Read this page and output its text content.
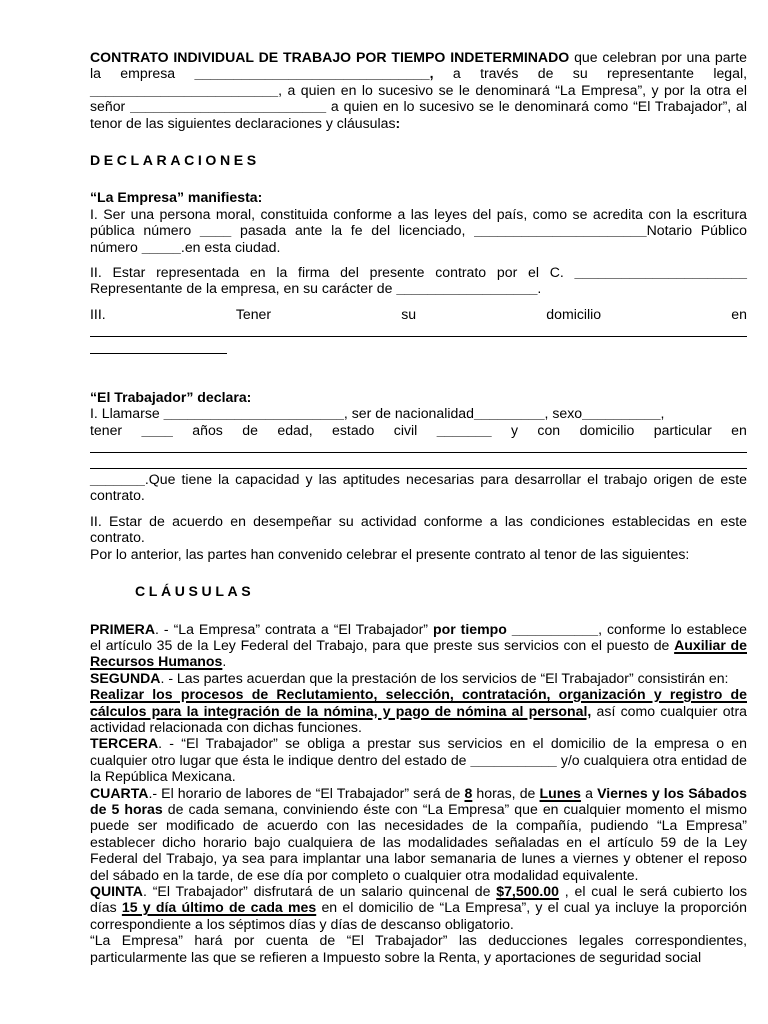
CONTRATO INDIVIDUAL DE TRABAJO POR TIEMPO INDETERMINADO que celebran por una parte la empresa ______________________________, a través de su representante legal, ________________________, a quien en lo sucesivo se le denominará “La Empresa”, y por la otra el señor _________________________ a quien en lo sucesivo se le denominará como “El Trabajador”, al tenor de las siguientes declaraciones y cláusulas:

DECLARACIONES

“La Empresa” manifiesta:

I. Ser una persona moral, constituida conforme a las leyes del país, como se acredita con la escritura pública número ____ pasada ante la fe del licenciado, ______________________Notario Público número _____.en esta ciudad.

II. Estar representada en la firma del presente contrato por el C. ______________________ Representante de la empresa, en su carácter de __________________.

III.	Tener	su	domicilio	en

“El Trabajador” declara:

I. Llamarse _______________________, ser de nacionalidad_________, sexo__________,
tener ____ años de edad, estado civil _______ y con domicilio particular en

_______.Que tiene la capacidad y las aptitudes necesarias para desarrollar el trabajo origen de este contrato.

II. Estar de acuerdo en desempeñar su actividad conforme a las condiciones establecidas en este contrato.

Por lo anterior, las partes han convenido celebrar el presente contrato al tenor de las siguientes:

CLÁUSULAS

PRIMERA. - “La Empresa” contrata a “El Trabajador” por tiempo ___________, conforme lo establece el artículo 35 de la Ley Federal del Trabajo, para que preste sus servicios con el puesto de Auxiliar de Recursos Humanos.

SEGUNDA. - Las partes acuerdan que la prestación de los servicios de “El Trabajador” consistirán en:

Realizar los procesos de Reclutamiento, selección, contratación, organización y registro de cálculos para la integración de la nómina, y pago de nómina al personal, así como cualquier otra actividad relacionada con dichas funciones.

TERCERA. - “El Trabajador” se obliga a prestar sus servicios en el domicilio de la empresa o en cualquier otro lugar que ésta le indique dentro del estado de ___________ y/o cualquiera otra entidad de la República Mexicana.

CUARTA.- El horario de labores de “El Trabajador” será de 8 horas, de Lunes a Viernes y los Sábados de 5 horas de cada semana, conviniendo éste con “La Empresa” que en cualquier momento el mismo puede ser modificado de acuerdo con las necesidades de la compañía, pudiendo “La Empresa” establecer dicho horario bajo cualquiera de las modalidades señaladas en el artículo 59 de la Ley Federal del Trabajo, ya sea para implantar una labor semanaria de lunes a viernes y obtener el reposo del sábado en la tarde, de ese día por completo o cualquier otra modalidad equivalente.

QUINTA. “El Trabajador” disfrutará de un salario quincenal de $7,500.00 , el cual le será cubierto los días 15 y día último de cada mes en el domicilio de “La Empresa”, y el cual ya incluye la proporción correspondiente a los séptimos días y días de descanso obligatorio.

“La Empresa” hará por cuenta de “El Trabajador” las deducciones legales correspondientes, particularmente las que se refieren a Impuesto sobre la Renta, y aportaciones de seguridad social
